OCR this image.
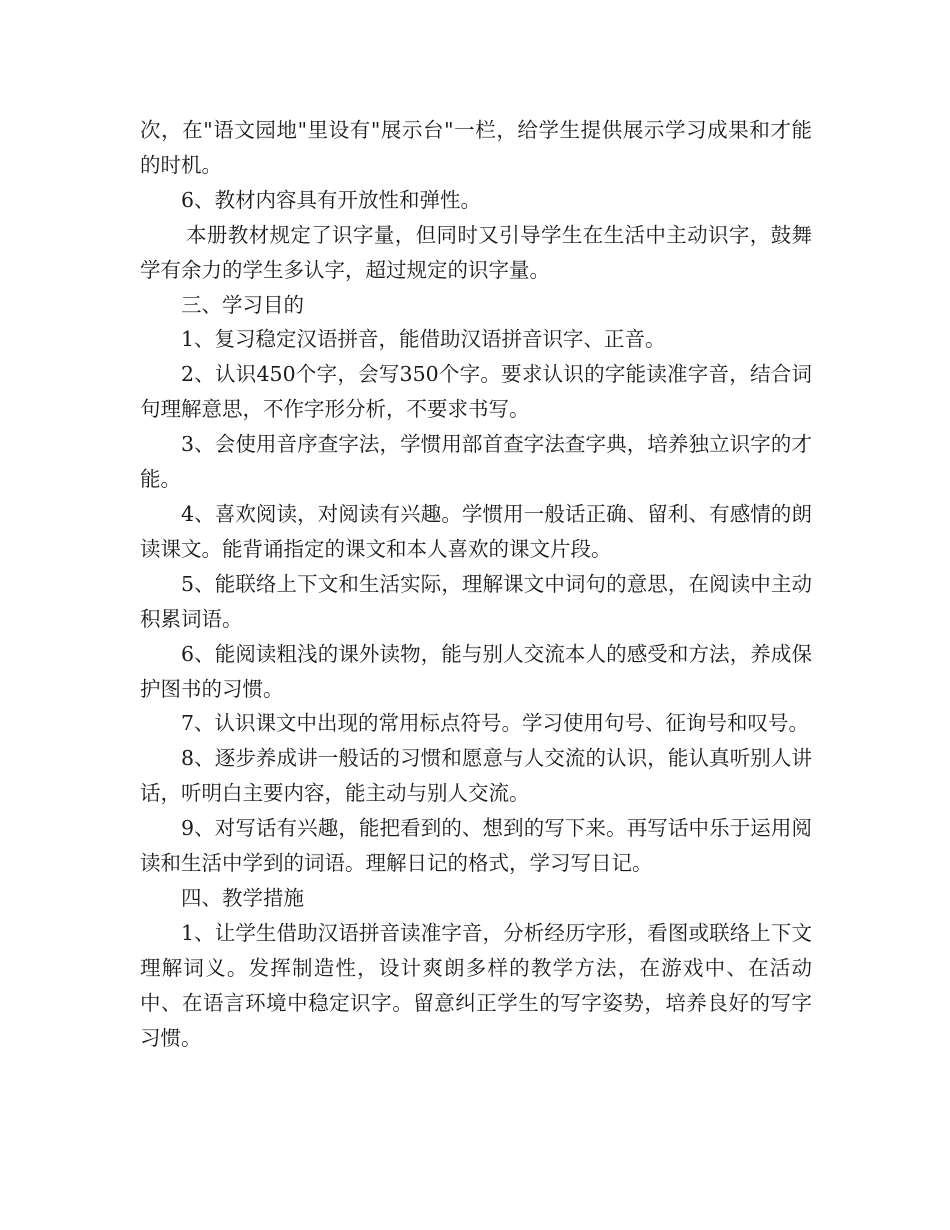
次，在"语文园地"里设有"展示台"一栏，给学生提供展示学习成果和才能的时机。

6、教材内容具有开放性和弹性。

本册教材规定了识字量，但同时又引导学生在生活中主动识字，鼓舞学有余力的学生多认字，超过规定的识字量。

三、学习目的

1、复习稳定汉语拼音，能借助汉语拼音识字、正音。

2、认识450个字，会写350个字。要求认识的字能读准字音，结合词句理解意思，不作字形分析，不要求书写。

3、会使用音序查字法，学惯用部首查字法查字典，培养独立识字的才能。

4、喜欢阅读，对阅读有兴趣。学惯用一般话正确、留利、有感情的朗读课文。能背诵指定的课文和本人喜欢的课文片段。

5、能联络上下文和生活实际，理解课文中词句的意思，在阅读中主动积累词语。

6、能阅读粗浅的课外读物，能与别人交流本人的感受和方法，养成保护图书的习惯。

7、认识课文中出现的常用标点符号。学习使用句号、征询号和叹号。

8、逐步养成讲一般话的习惯和愿意与人交流的认识，能认真听别人讲话，听明白主要内容，能主动与别人交流。

9、对写话有兴趣，能把看到的、想到的写下来。再写话中乐于运用阅读和生活中学到的词语。理解日记的格式，学习写日记。

四、教学措施

1、让学生借助汉语拼音读准字音，分析经历字形，看图或联络上下文理解词义。发挥制造性，设计爽朗多样的教学方法，在游戏中、在活动中、在语言环境中稳定识字。留意纠正学生的写字姿势，培养良好的写字习惯。
